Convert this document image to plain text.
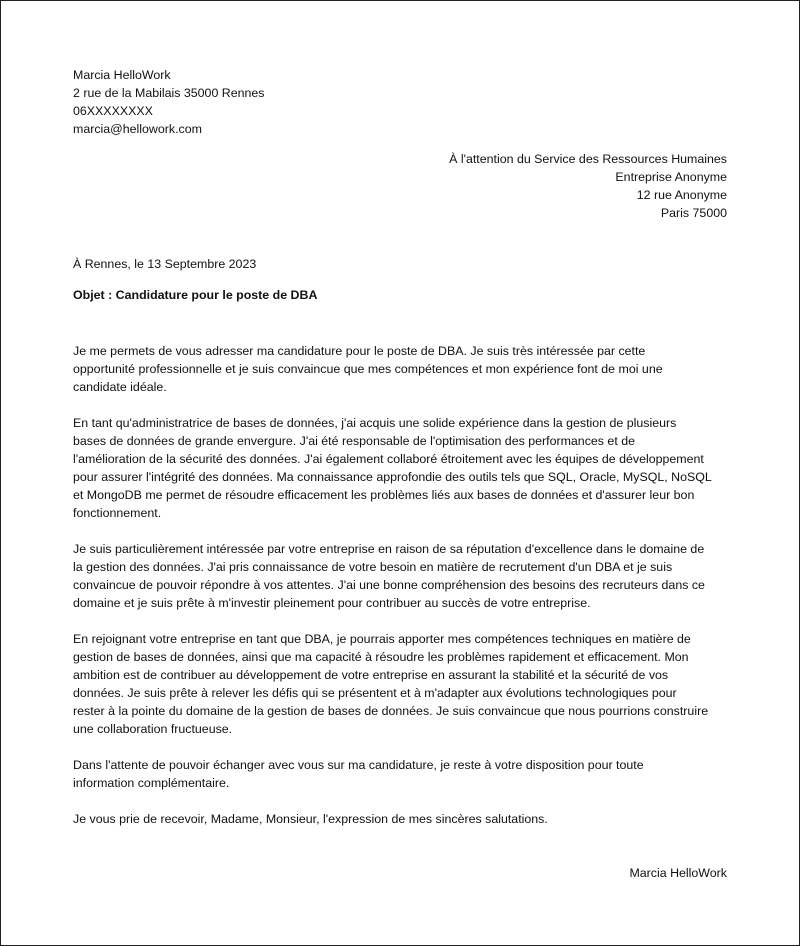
Marcia HelloWork
2 rue de la Mabilais 35000 Rennes
06XXXXXXXX
marcia@hellowork.com
À l'attention du Service des Ressources Humaines
Entreprise Anonyme
12 rue Anonyme
Paris 75000
À Rennes, le 13 Septembre 2023
Objet : Candidature pour le poste de DBA

Je me permets de vous adresser ma candidature pour le poste de DBA. Je suis très intéressée par cette
opportunité professionnelle et je suis convaincue que mes compétences et mon expérience font de moi une
candidate idéale.

En tant qu'administratrice de bases de données, j'ai acquis une solide expérience dans la gestion de plusieurs
bases de données de grande envergure. J'ai été responsable de l'optimisation des performances et de
l'amélioration de la sécurité des données. J'ai également collaboré étroitement avec les équipes de développement
pour assurer l'intégrité des données. Ma connaissance approfondie des outils tels que SQL, Oracle, MySQL, NoSQL
et MongoDB me permet de résoudre efficacement les problèmes liés aux bases de données et d'assurer leur bon
fonctionnement.

Je suis particulièrement intéressée par votre entreprise en raison de sa réputation d'excellence dans le domaine de
la gestion des données. J'ai pris connaissance de votre besoin en matière de recrutement d'un DBA et je suis
convaincue de pouvoir répondre à vos attentes. J'ai une bonne compréhension des besoins des recruteurs dans ce
domaine et je suis prête à m'investir pleinement pour contribuer au succès de votre entreprise.

En rejoignant votre entreprise en tant que DBA, je pourrais apporter mes compétences techniques en matière de
gestion de bases de données, ainsi que ma capacité à résoudre les problèmes rapidement et efficacement. Mon
ambition est de contribuer au développement de votre entreprise en assurant la stabilité et la sécurité de vos
données. Je suis prête à relever les défis qui se présentent et à m'adapter aux évolutions technologiques pour
rester à la pointe du domaine de la gestion de bases de données. Je suis convaincue que nous pourrions construire
une collaboration fructueuse.

Dans l'attente de pouvoir échanger avec vous sur ma candidature, je reste à votre disposition pour toute
information complémentaire.

Je vous prie de recevoir, Madame, Monsieur, l'expression de mes sincères salutations.

Marcia HelloWork
